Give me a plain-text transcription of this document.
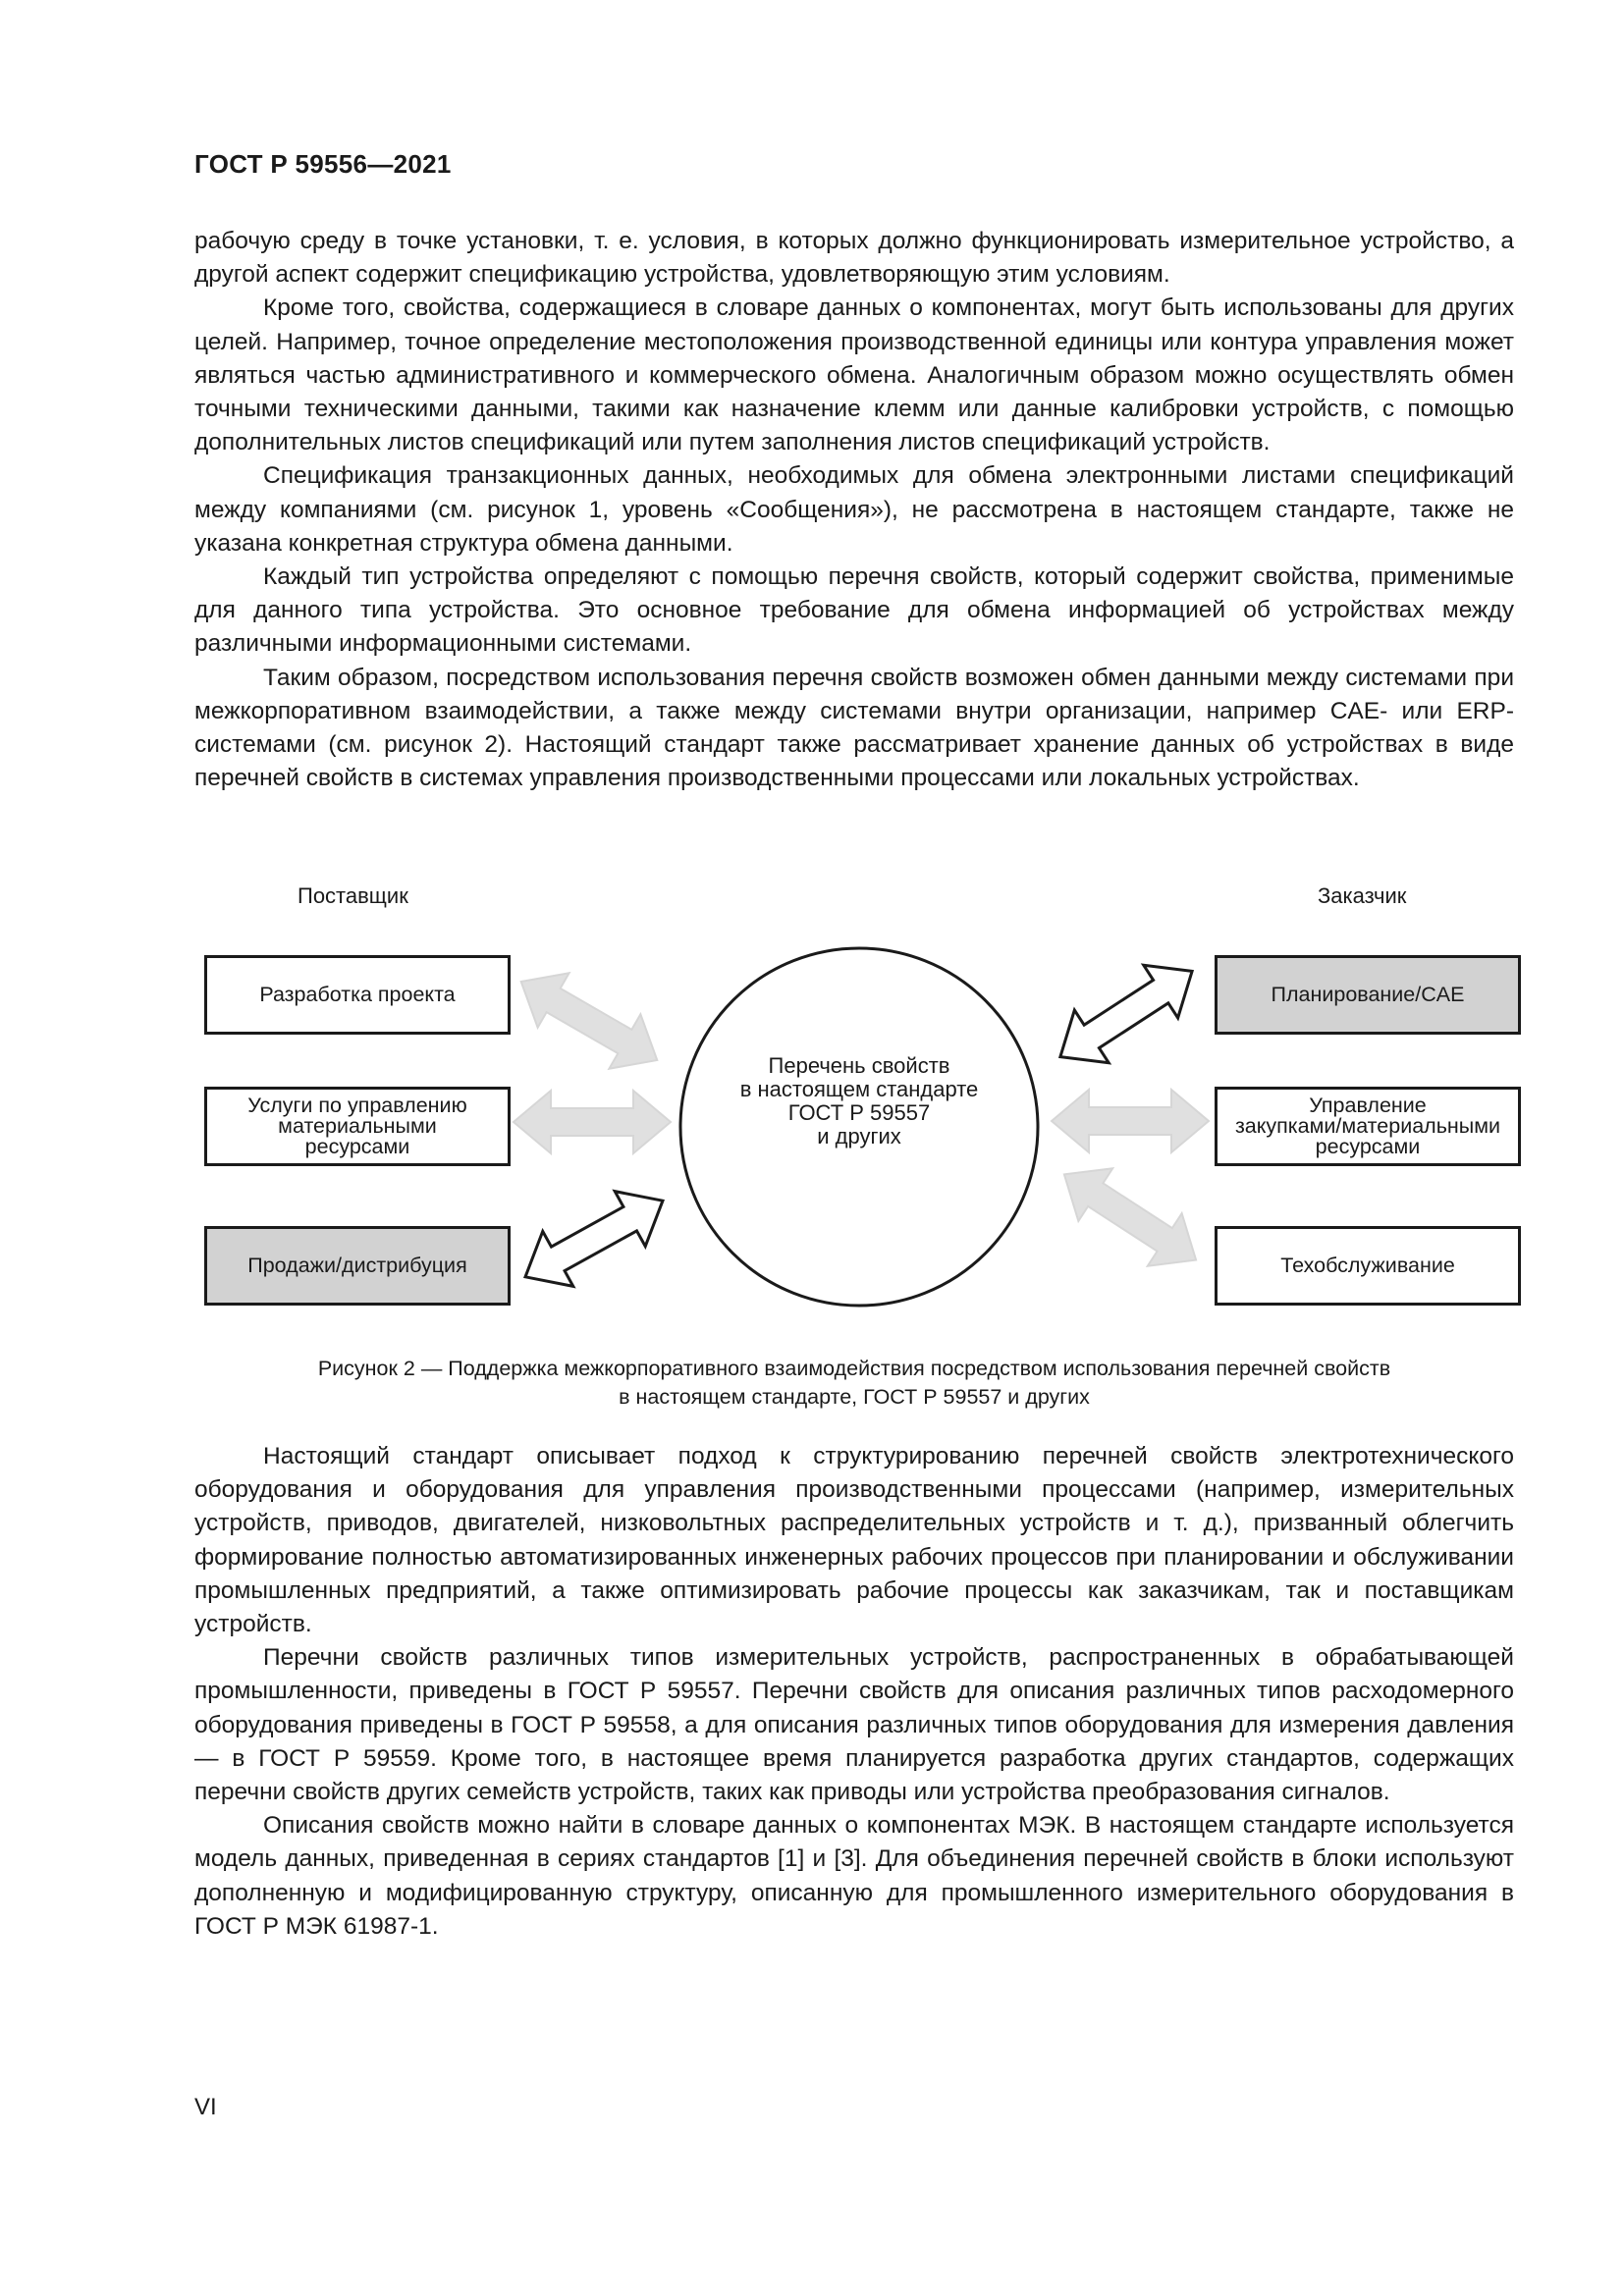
ГОСТ Р 59556—2021

рабочую среду в точке установки, т. е. условия, в которых должно функционировать измерительное устройство, а другой аспект содержит спецификацию устройства, удовлетворяющую этим условиям.

Кроме того, свойства, содержащиеся в словаре данных о компонентах, могут быть использованы для других целей. Например, точное определение местоположения производственной единицы или контура управления может являться частью административного и коммерческого обмена. Аналогичным образом можно осуществлять обмен точными техническими данными, такими как назначение клемм или данные калибровки устройств, с помощью дополнительных листов спецификаций или путем заполнения листов спецификаций устройств.

Спецификация транзакционных данных, необходимых для обмена электронными листами спецификаций между компаниями (см. рисунок 1, уровень «Сообщения»), не рассмотрена в настоящем стандарте, также не указана конкретная структура обмена данными.

Каждый тип устройства определяют с помощью перечня свойств, который содержит свойства, применимые для данного типа устройства. Это основное требование для обмена информацией об устройствах между различными информационными системами.

Таким образом, посредством использования перечня свойств возможен обмен данными между системами при межкорпоративном взаимодействии, а также между системами внутри организации, например CAE- или ERP-системами (см. рисунок 2). Настоящий стандарт также рассматривает хранение данных об устройствах в виде перечней свойств в системах управления производственными процессами или локальных устройствах.

Поставщик	Заказчик
Разработка проекта
Услуги по управлению
материальными
ресурсами
Продажи/дистрибуция
Планирование/CAE
Управление
закупками/материальными
ресурсами
Техобслуживание
Перечень свойств
в настоящем стандарте
ГОСТ Р 59557
и других
Рисунок 2 — Поддержка межкорпоративного взаимодействия посредством использования перечней свойств
в настоящем стандарте, ГОСТ Р 59557 и других

Настоящий стандарт описывает подход к структурированию перечней свойств электротехнического оборудования и оборудования для управления производственными процессами (например, измерительных устройств, приводов, двигателей, низковольтных распределительных устройств и т. д.), призванный облегчить формирование полностью автоматизированных инженерных рабочих процессов при планировании и обслуживании промышленных предприятий, а также оптимизировать рабочие процессы как заказчикам, так и поставщикам устройств.

Перечни свойств различных типов измерительных устройств, распространенных в обрабатывающей промышленности, приведены в ГОСТ Р 59557. Перечни свойств для описания различных типов расходомерного оборудования приведены в ГОСТ Р 59558, а для описания различных типов оборудования для измерения давления — в ГОСТ Р 59559. Кроме того, в настоящее время планируется разработка других стандартов, содержащих перечни свойств других семейств устройств, таких как приводы или устройства преобразования сигналов.

Описания свойств можно найти в словаре данных о компонентах МЭК. В настоящем стандарте используется модель данных, приведенная в сериях стандартов [1] и [3]. Для объединения перечней свойств в блоки используют дополненную и модифицированную структуру, описанную для промышленного измерительного оборудования в ГОСТ Р МЭК 61987-1.

VI
